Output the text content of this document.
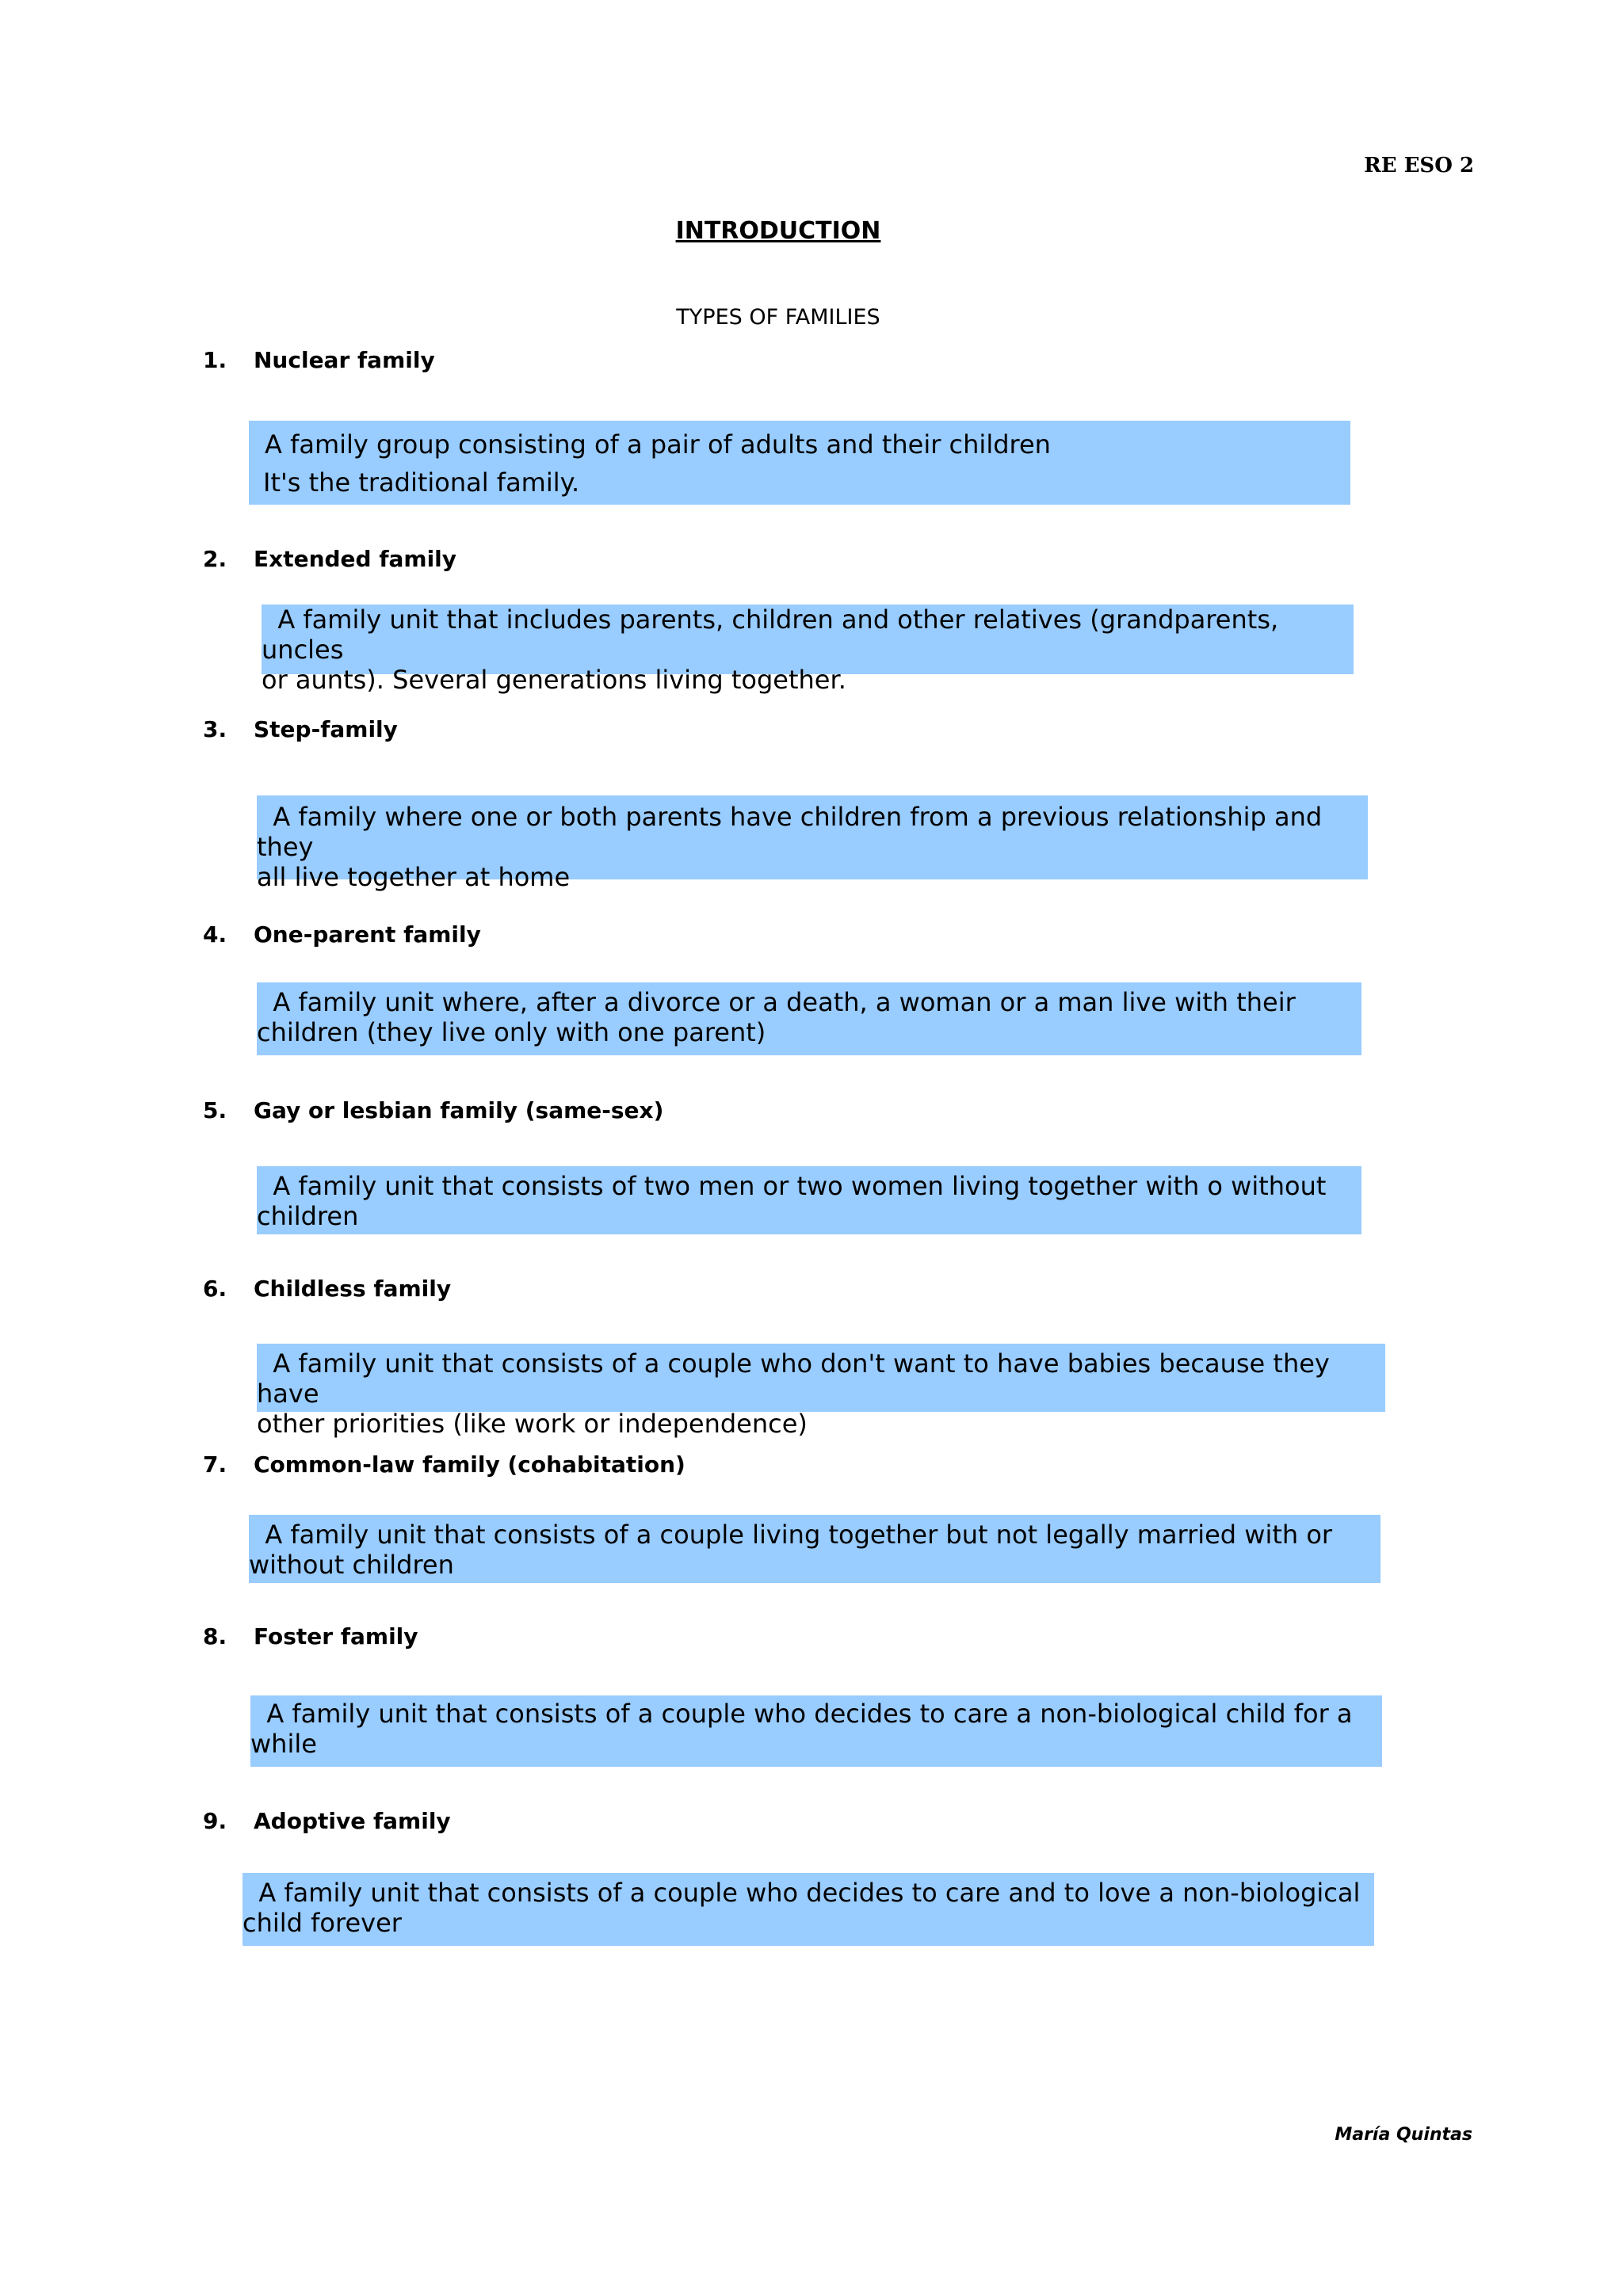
RE ESO 2
INTRODUCTION
TYPES OF FAMILIES
1. Nuclear family
A family group consisting of a pair of adults and their children
It's the traditional family.
2. Extended family
A family unit that includes parents, children and other relatives (grandparents, uncles
or aunts). Several generations living together.
3. Step-family
A family where one or both parents have children from a previous relationship and they
all live together at home
4. One-parent family
A family unit where, after a divorce or a death, a woman or a man live with their
children (they live only with one parent)
5. Gay or lesbian family (same-sex)
A family unit that consists of two men or two women living together with o without
children
6. Childless family
A family unit that consists of a couple who don't want to have babies because they have
other priorities (like work or independence)
7. Common-law family (cohabitation)
A family unit that consists of a couple living together but not legally married with or
without children
8. Foster family
A family unit that consists of a couple who decides to care a non-biological child for a
while
9. Adoptive family
A family unit that consists of a couple who decides to care and to love a non-biological
child forever
María Quintas
